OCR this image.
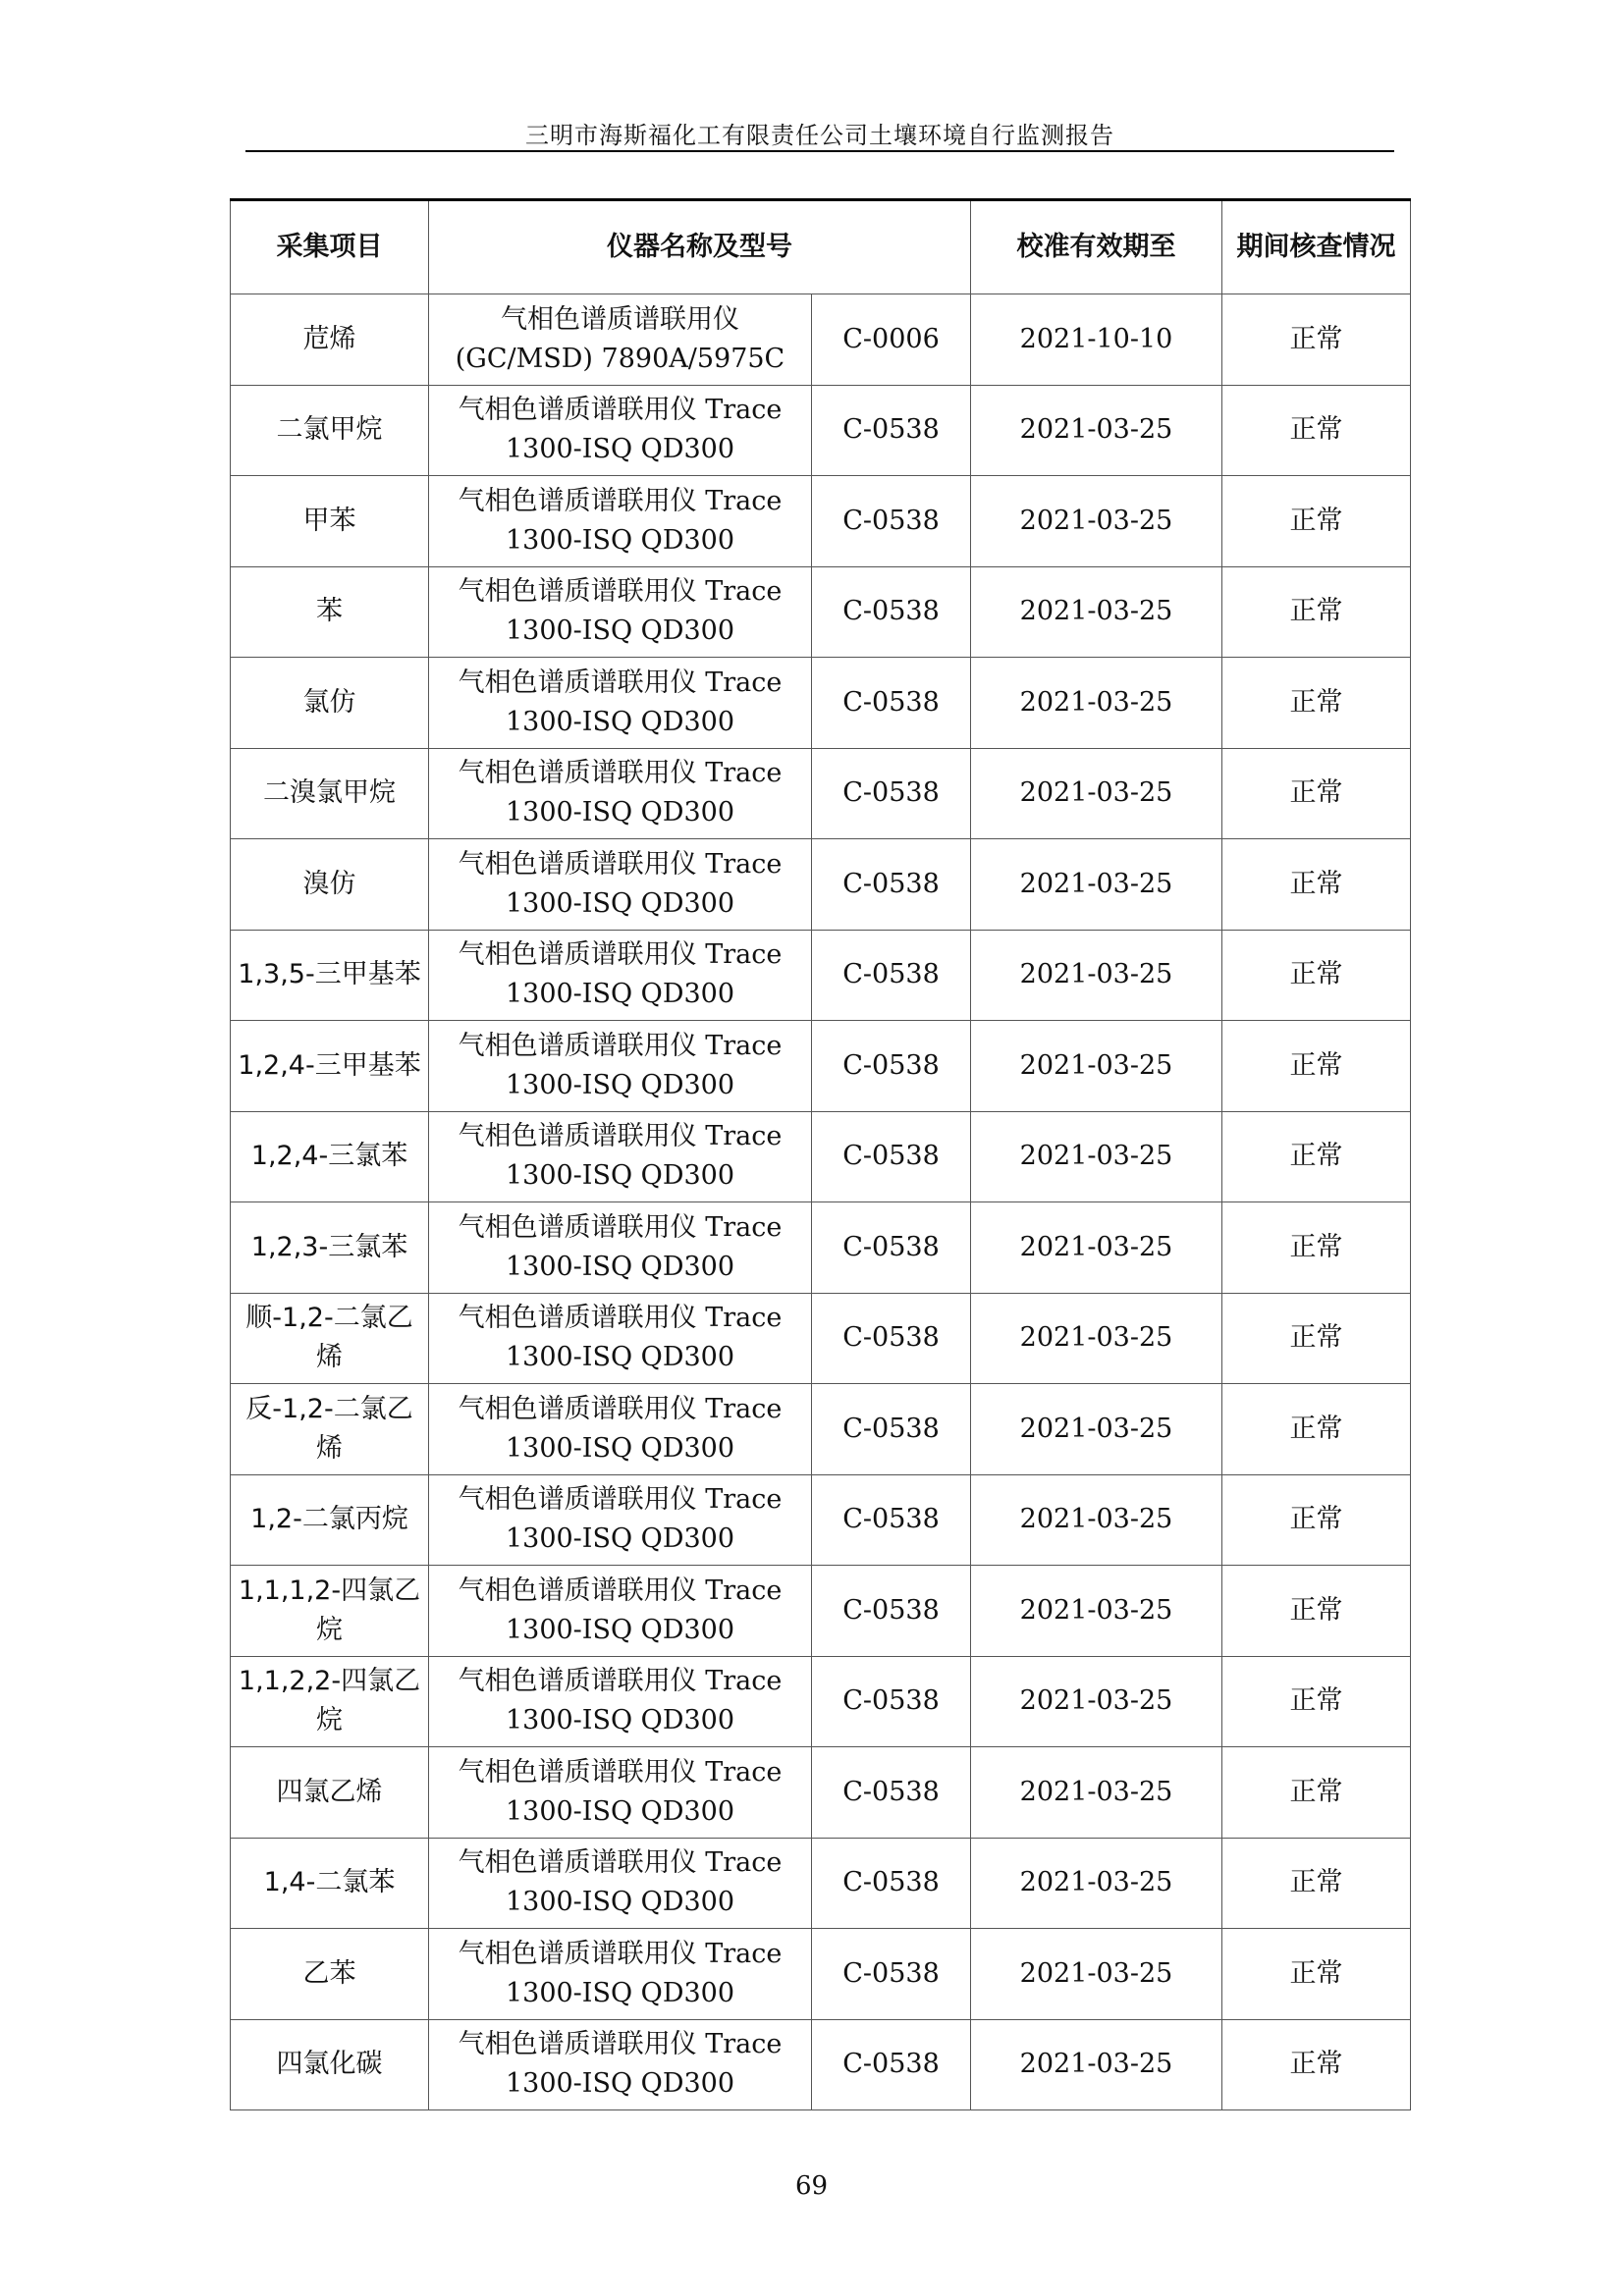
三明市海斯福化工有限责任公司土壤环境自行监测报告
采集项目	仪器名称及型号		校准有效期至	期间核查情况
苊烯	气相色谱质谱联用仪 (GC/MSD) 7890A/5975C	C-0006	2021-10-10	正常
二氯甲烷	气相色谱质谱联用仪 Trace 1300-ISQ QD300	C-0538	2021-03-25	正常
甲苯	气相色谱质谱联用仪 Trace 1300-ISQ QD300	C-0538	2021-03-25	正常
苯	气相色谱质谱联用仪 Trace 1300-ISQ QD300	C-0538	2021-03-25	正常
氯仿	气相色谱质谱联用仪 Trace 1300-ISQ QD300	C-0538	2021-03-25	正常
二溴氯甲烷	气相色谱质谱联用仪 Trace 1300-ISQ QD300	C-0538	2021-03-25	正常
溴仿	气相色谱质谱联用仪 Trace 1300-ISQ QD300	C-0538	2021-03-25	正常
1,3,5-三甲基苯	气相色谱质谱联用仪 Trace 1300-ISQ QD300	C-0538	2021-03-25	正常
1,2,4-三甲基苯	气相色谱质谱联用仪 Trace 1300-ISQ QD300	C-0538	2021-03-25	正常
1,2,4-三氯苯	气相色谱质谱联用仪 Trace 1300-ISQ QD300	C-0538	2021-03-25	正常
1,2,3-三氯苯	气相色谱质谱联用仪 Trace 1300-ISQ QD300	C-0538	2021-03-25	正常
顺-1,2-二氯乙烯	气相色谱质谱联用仪 Trace 1300-ISQ QD300	C-0538	2021-03-25	正常
反-1,2-二氯乙烯	气相色谱质谱联用仪 Trace 1300-ISQ QD300	C-0538	2021-03-25	正常
1,2-二氯丙烷	气相色谱质谱联用仪 Trace 1300-ISQ QD300	C-0538	2021-03-25	正常
1,1,1,2-四氯乙烷	气相色谱质谱联用仪 Trace 1300-ISQ QD300	C-0538	2021-03-25	正常
1,1,2,2-四氯乙烷	气相色谱质谱联用仪 Trace 1300-ISQ QD300	C-0538	2021-03-25	正常
四氯乙烯	气相色谱质谱联用仪 Trace 1300-ISQ QD300	C-0538	2021-03-25	正常
1,4-二氯苯	气相色谱质谱联用仪 Trace 1300-ISQ QD300	C-0538	2021-03-25	正常
乙苯	气相色谱质谱联用仪 Trace 1300-ISQ QD300	C-0538	2021-03-25	正常
四氯化碳	气相色谱质谱联用仪 Trace 1300-ISQ QD300	C-0538	2021-03-25	正常
69
